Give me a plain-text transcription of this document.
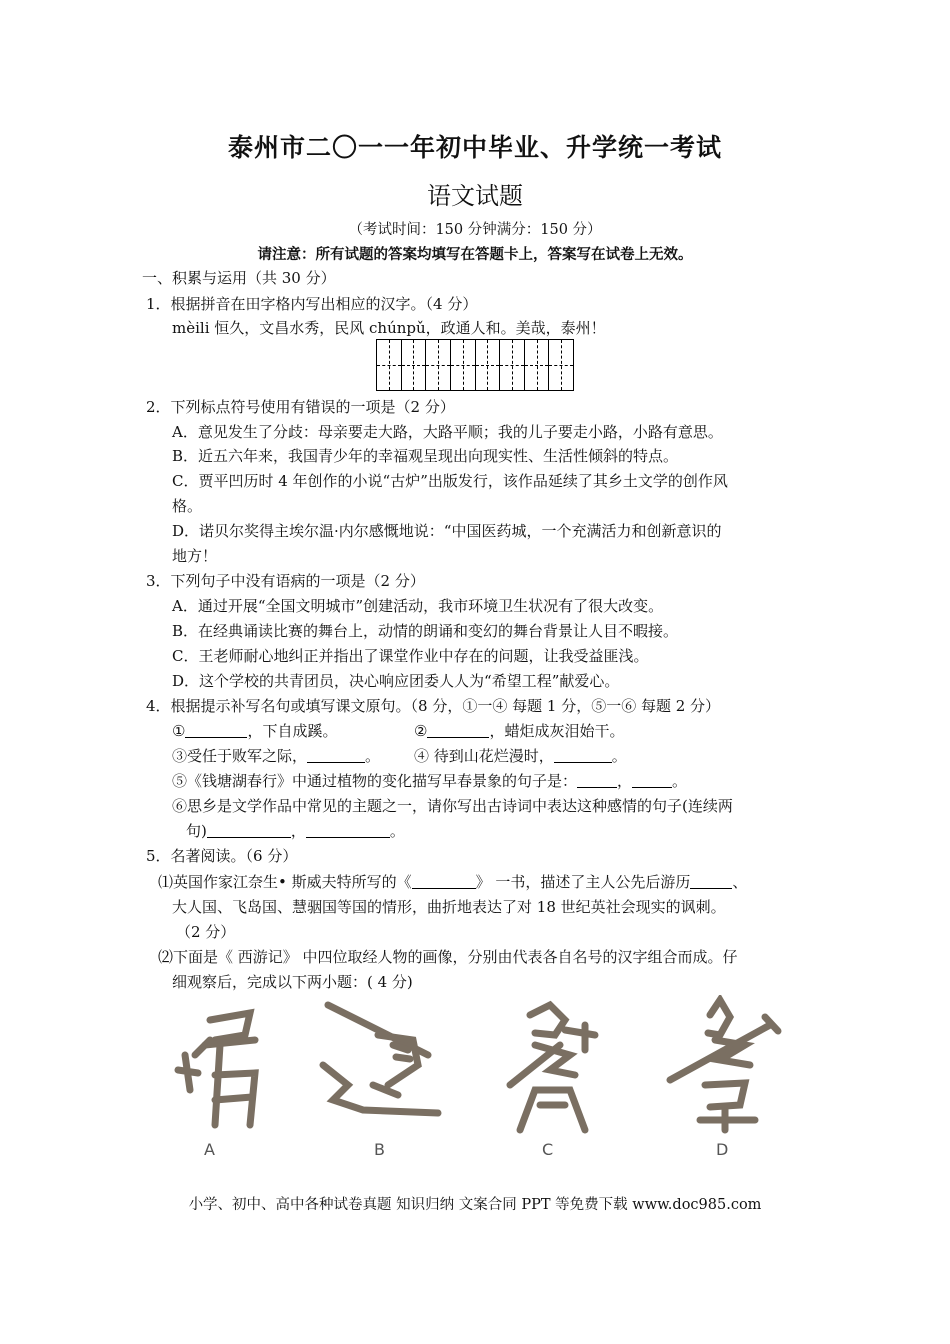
泰州市二〇一一年初中毕业、升学统一考试
语文试题
（考试时间：150 分钟满分：150 分）
请注意：所有试题的答案均填写在答题卡上，答案写在试卷上无效。
一、积累与运用（共 30 分）
1．根据拼音在田字格内写出相应的汉字。（4 分）
mèili 恒久，文昌水秀，民风 chúnpǔ，政通人和。美哉，泰州！
2．下列标点符号使用有错误的一项是（2 分）
A．意见发生了分歧：母亲要走大路，大路平顺；我的儿子要走小路，小路有意思。
B．近五六年来，我国青少年的幸福观呈现出向现实性、生活性倾斜的特点。
C．贾平凹历时 4 年创作的小说“古炉”出版发行，该作品延续了其乡土文学的创作风
格。
D．诺贝尔奖得主埃尔温·内尔感慨地说：“中国医药城，一个充满活力和创新意识的
地方！
3．下列句子中没有语病的一项是（2 分）
A．通过开展“全国文明城市”创建活动，我市环境卫生状况有了很大改变。
B．在经典诵读比赛的舞台上，动情的朗诵和变幻的舞台背景让人目不暇接。
C．王老师耐心地纠正并指出了课堂作业中存在的问题，让我受益匪浅。
D．这个学校的共青团员，决心响应团委人人为“希望工程”献爱心。
4．根据提示补写名句或填写课文原句。（8 分，①一④ 每题 1 分，⑤一⑥ 每题 2 分）
①	，下自成蹊。	②	，蜡炬成灰泪始干。
③受任于败军之际，	。 ④ 待到山花烂漫时，	。
⑤《钱塘湖春行》中通过植物的变化描写早春景象的句子是：	，	。
⑥思乡是文学作品中常见的主题之一，请你写出古诗词中表达这种感情的句子(连续两
句)	，	。
5．名著阅读。（6 分）
⑴英国作家江奈生• 斯威夫特所写的《	》 一书，描述了主人公先后游历	、
大人国、飞岛国、慧骃国等国的情形，曲折地表达了对 18 世纪英社会现实的讽刺。
（2 分）
⑵下面是《 西游记》 中四位取经人物的画像，分别由代表各自名号的汉字组合而成。仔
细观察后，完成以下两小题：( 4 分)
A	B	C	D
小学、初中、高中各种试卷真题 知识归纳 文案合同 PPT 等免费下载 www.doc985.com
